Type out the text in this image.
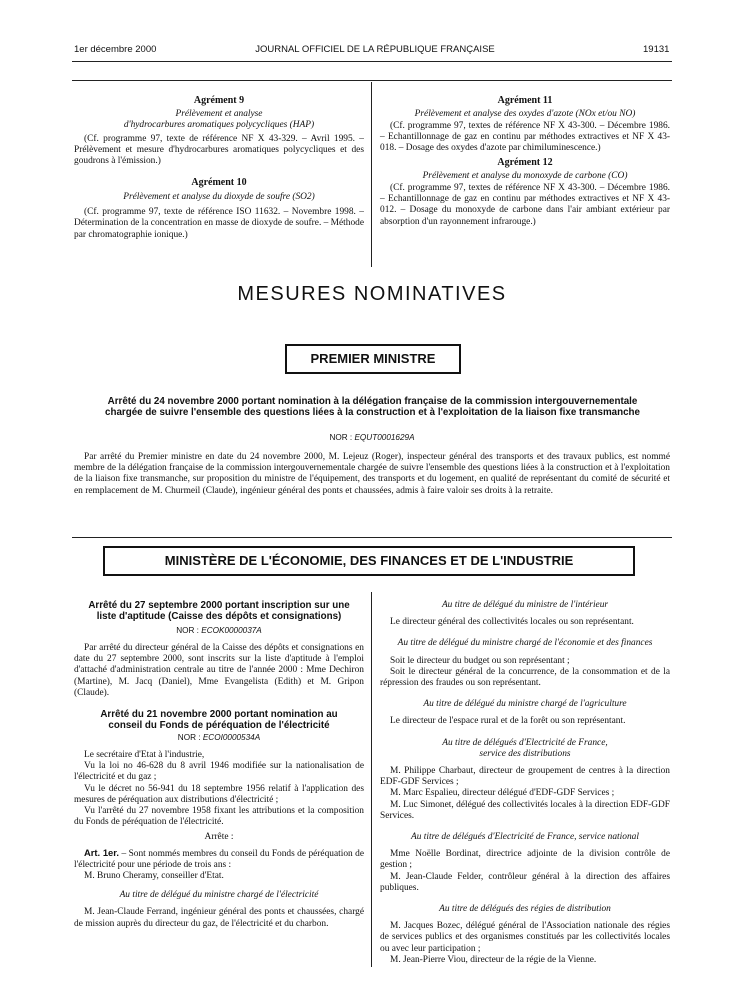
1er décembre 2000	JOURNAL OFFICIEL DE LA RÉPUBLIQUE FRANÇAISE	19131

Agrément 9

Prélèvement et analyse

d'hydrocarbures aromatiques polycycliques (HAP)

(Cf. programme 97, texte de référence NF X 43-329. – Avril 1995. – Prélèvement et mesure d'hydrocarbures aromatiques polycycliques et des goudrons à l'émission.)

Agrément 10

Prélèvement et analyse du dioxyde de soufre (SO2)

(Cf. programme 97, texte de référence ISO 11632. – Novembre 1998. – Détermination de la concentration en masse de dioxyde de soufre. – Méthode par chromatographie ionique.)

Agrément 11

Prélèvement et analyse des oxydes d'azote (NOx et/ou NO)

(Cf. programme 97, textes de référence NF X 43-300. – Décembre 1986. – Echantillonnage de gaz en continu par méthodes extractives et NF X 43-018. – Dosage des oxydes d'azote par chimiluminescence.)

Agrément 12

Prélèvement et analyse du monoxyde de carbone (CO)

(Cf. programme 97, textes de référence NF X 43-300. – Décembre 1986. – Echantillonnage de gaz en continu par méthodes extractives et NF X 43-012. – Dosage du monoxyde de carbone dans l'air ambiant extérieur par absorption d'un rayonnement infrarouge.)

MESURES NOMINATIVES
PREMIER MINISTRE
Arrêté du 24 novembre 2000 portant nomination à la délégation française de la commission intergouvernementale chargée de suivre l'ensemble des questions liées à la construction et à l'exploitation de la liaison fixe transmanche
NOR : EQUT0001629A
Par arrêté du Premier ministre en date du 24 novembre 2000, M. Lejeuz (Roger), inspecteur général des transports et des travaux publics, est nommé membre de la délégation française de la commission intergouvernementale chargée de suivre l'ensemble des questions liées à la construction et à l'exploitation de la liaison fixe transmanche, sur proposition du ministre de l'équipement, des transports et du logement, en qualité de représentant du comité de sécurité et en remplacement de M. Churmeil (Claude), ingénieur général des ponts et chaussées, admis à faire valoir ses droits à la retraite.
MINISTÈRE DE L'ÉCONOMIE, DES FINANCES ET DE L'INDUSTRIE

Arrêté du 27 septembre 2000 portant inscription sur une liste d'aptitude (Caisse des dépôts et consignations)

NOR : ECOK0000037A

Par arrêté du directeur général de la Caisse des dépôts et consignations en date du 27 septembre 2000, sont inscrits sur la liste d'aptitude à l'emploi d'attaché d'administration centrale au titre de l'année 2000 : Mme Dechiron (Martine), M. Jacq (Daniel), Mme Evangelista (Edith) et M. Gripon (Claude).

Arrêté du 21 novembre 2000 portant nomination au conseil du Fonds de péréquation de l'électricité

NOR : ECOI0000534A

Le secrétaire d'Etat à l'industrie,

Vu la loi no 46-628 du 8 avril 1946 modifiée sur la nationalisation de l'électricité et du gaz ;

Vu le décret no 56-941 du 18 septembre 1956 relatif à l'application des mesures de péréquation aux distributions d'électricité ;

Vu l'arrêté du 27 novembre 1958 fixant les attributions et la composition du Fonds de péréquation de l'électricité.

Arrête :

Art. 1er. – Sont nommés membres du conseil du Fonds de péréquation de l'électricité pour une période de trois ans :

M. Bruno Cheramy, conseiller d'Etat.

Au titre de délégué du ministre chargé de l'électricité

M. Jean-Claude Ferrand, ingénieur général des ponts et chaussées, chargé de mission auprès du directeur du gaz, de l'électricité et du charbon.

Au titre de délégué du ministre de l'intérieur

Le directeur général des collectivités locales ou son représentant.

Au titre de délégué du ministre chargé de l'économie et des finances

Soit le directeur du budget ou son représentant ;

Soit le directeur général de la concurrence, de la consommation et de la répression des fraudes ou son représentant.

Au titre de délégué du ministre chargé de l'agriculture

Le directeur de l'espace rural et de la forêt ou son représentant.

Au titre de délégués d'Electricité de France,

service des distributions

M. Philippe Charbaut, directeur de groupement de centres à la direction EDF-GDF Services ;

M. Marc Espalieu, directeur délégué d'EDF-GDF Services ;

M. Luc Simonet, délégué des collectivités locales à la direction EDF-GDF Services.

Au titre de délégués d'Electricité de France, service national

Mme Noëlle Bordinat, directrice adjointe de la division contrôle de gestion ;

M. Jean-Claude Felder, contrôleur général à la direction des affaires publiques.

Au titre de délégués des régies de distribution

M. Jacques Bozec, délégué général de l'Association nationale des régies de services publics et des organismes constitués par les collectivités locales ou avec leur participation ;

M. Jean-Pierre Viou, directeur de la régie de la Vienne.
